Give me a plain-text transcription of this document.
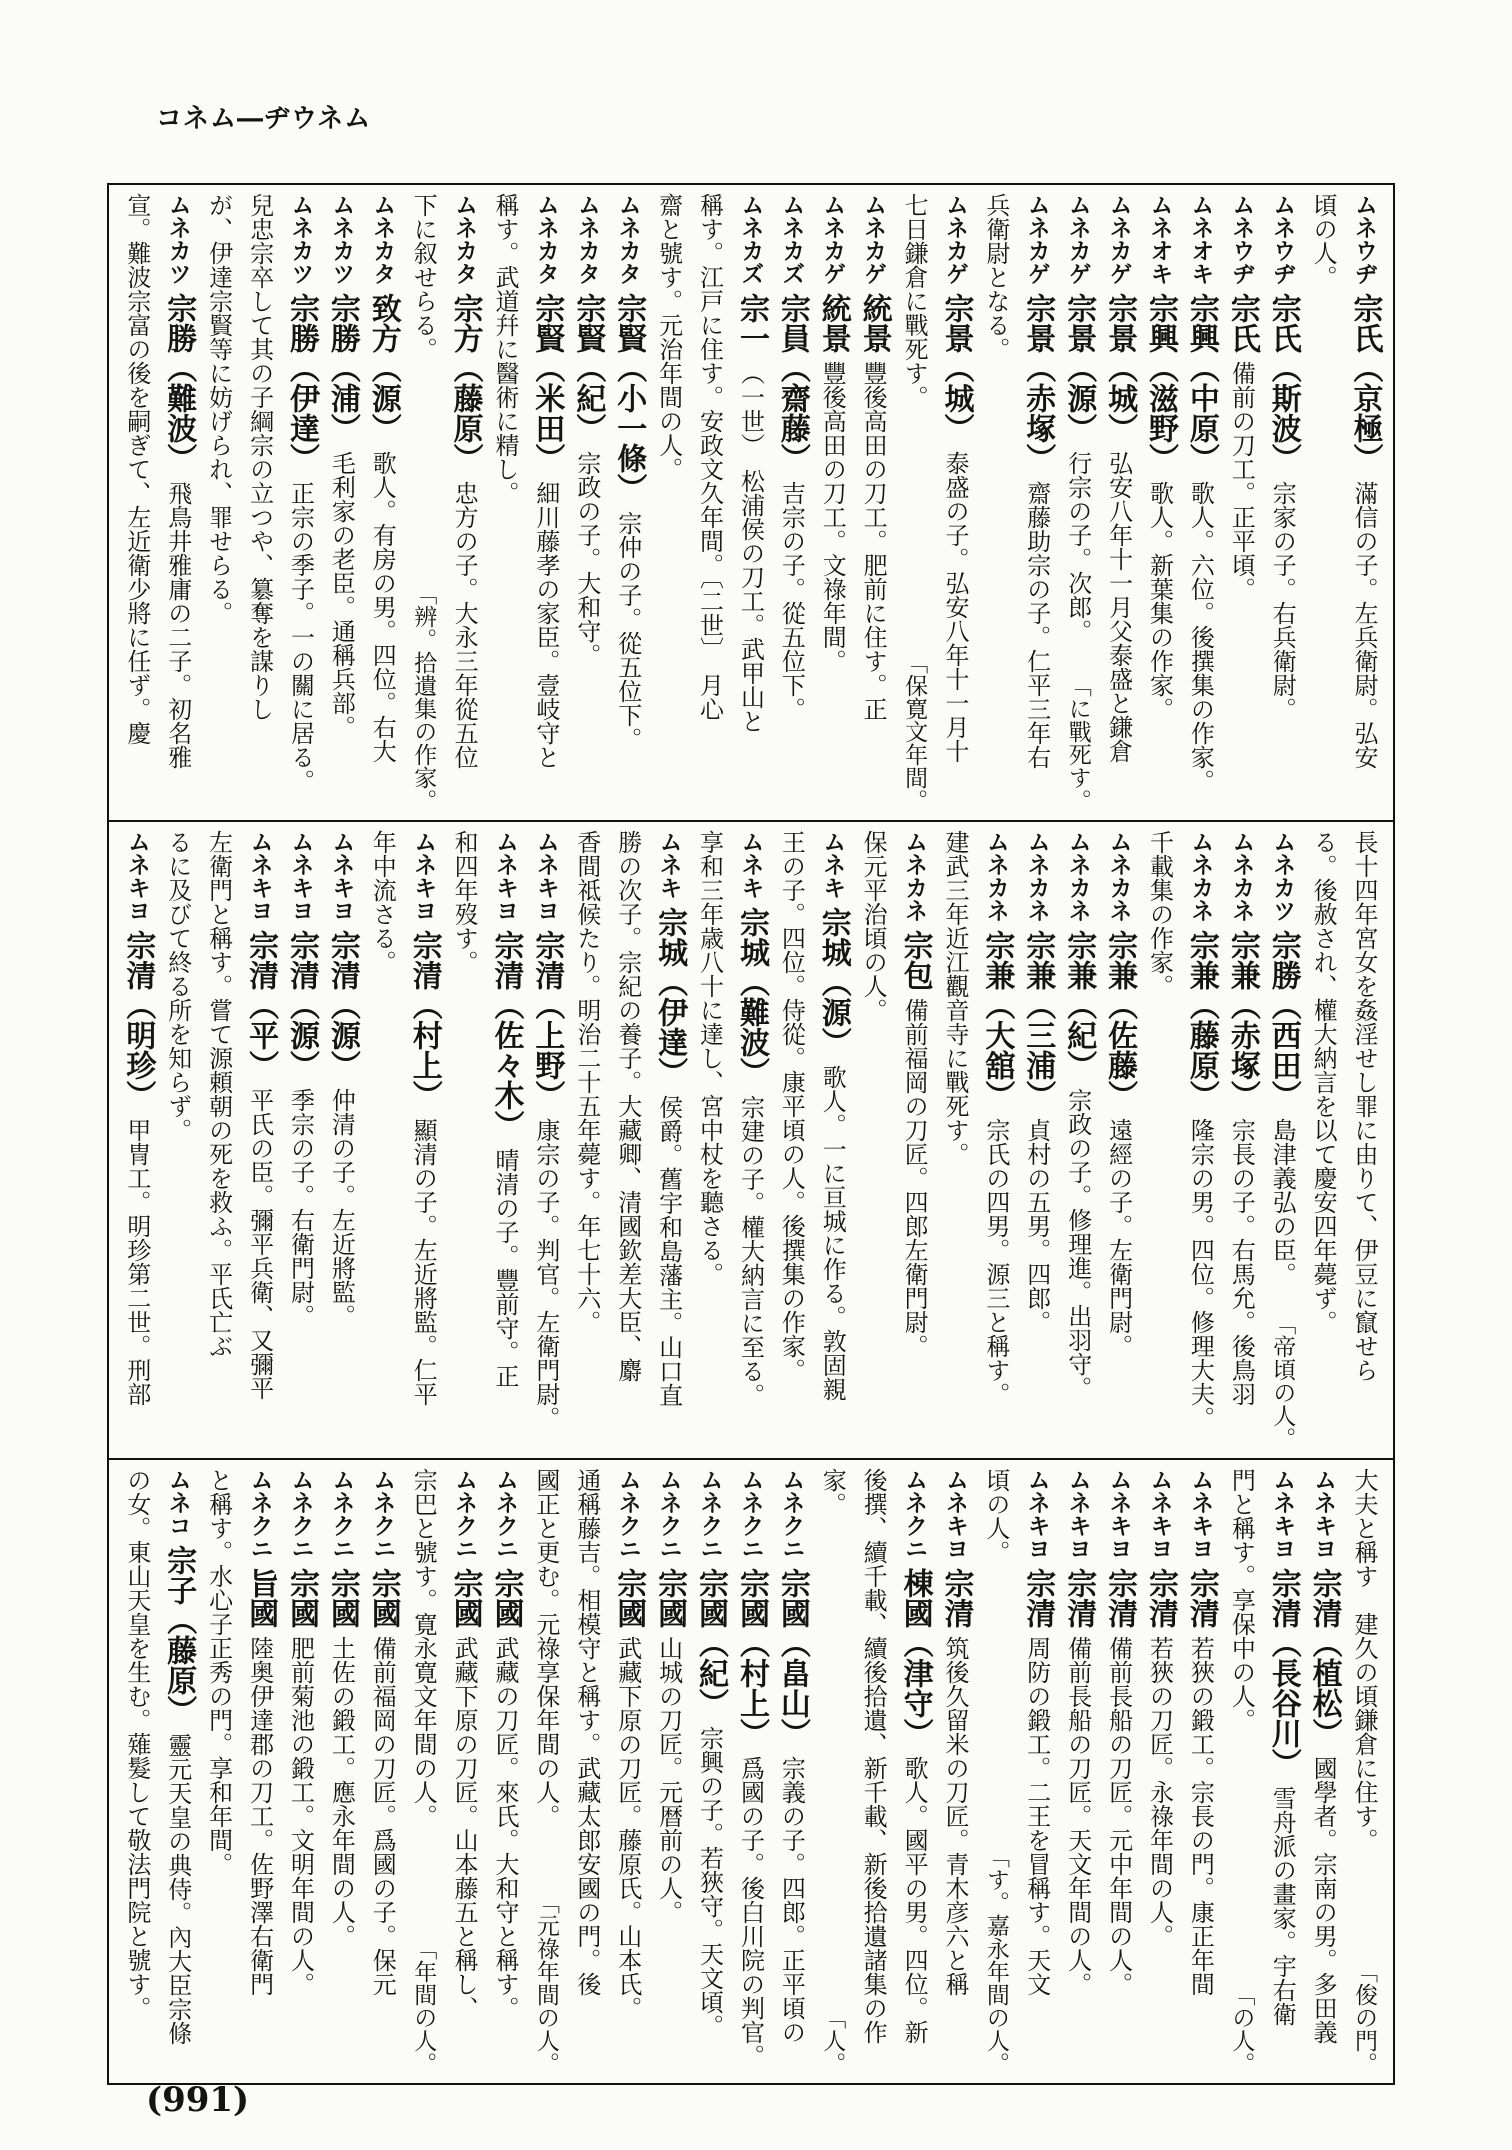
ムネウヂ―ムネコ
ムネウヂ
宗氏（京極）
滿信の子。左兵衛尉。弘安
頃の人。
ムネウヂ
宗氏（斯波）
宗家の子。右兵衛尉。
ムネウヂ
宗氏
備前の刀工。正平頃。
ムネオキ
宗興（中原）
歌人。六位。後撰集の作家。
ムネオキ
宗興（滋野）
歌人。新葉集の作家。
ムネカゲ
宗景（城）
弘安八年十一月父泰盛と鎌倉
ムネカゲ
宗景（源）
行宗の子。次郎。
「に戰死す。
ムネカゲ
宗景（赤塚）
齋藤助宗の子。仁平三年右
兵衛尉となる。
ムネカゲ
宗景（城）
泰盛の子。弘安八年十一月十
七日鎌倉に戰死す。
「保寛文年間。
ムネカゲ
統景
豐後高田の刀工。肥前に住す。正
ムネカゲ
統景
豐後高田の刀工。文祿年間。
ムネカズ
宗員（齋藤）
吉宗の子。從五位下。
ムネカズ
宗一
（一世）　松浦侯の刀工。武甲山と
稱す。江戸に住す。安政文久年間。〔二世〕　月心
齋と號す。元治年間の人。
ムネカタ
宗賢（小一條）
宗仲の子。從五位下。
ムネカタ
宗賢（紀）
宗政の子。大和守。
ムネカタ
宗賢（米田）
細川藤孝の家臣。壹岐守と
稱す。武道幷に醫術に精し。
ムネカタ
宗方（藤原）
忠方の子。大永三年從五位
下に叙せらる。
「辨。拾遺集の作家。
ムネカタ
致方（源）
歌人。有房の男。四位。右大
ムネカツ
宗勝（浦）
毛利家の老臣。通稱兵部。
ムネカツ
宗勝（伊達）
正宗の季子。一の關に居る。
兒忠宗卒して其の子綱宗の立つや、簒奪を謀りし
が、伊達宗賢等に妨げられ、罪せらる。
ムネカツ
宗勝（難波）
飛鳥井雅庸の二子。初名雅
宣。難波宗富の後を嗣ぎて、左近衛少將に任ず。慶
長十四年宮女を姦淫せし罪に由りて、伊豆に竄せら
る。後赦され、權大納言を以て慶安四年薨ず。
ムネカツ
宗勝（西田）
島津義弘の臣。
「帝頃の人。
ムネカネ
宗兼（赤塚）
宗長の子。右馬允。後鳥羽
ムネカネ
宗兼（藤原）
隆宗の男。四位。修理大夫。
千載集の作家。
ムネカネ
宗兼（佐藤）
遠經の子。左衛門尉。
ムネカネ
宗兼（紀）
宗政の子。修理進。出羽守。
ムネカネ
宗兼（三浦）
貞村の五男。四郎。
ムネカネ
宗兼（大舘）
宗氏の四男。源三と稱す。
建武三年近江觀音寺に戰死す。
ムネカネ
宗包
備前福岡の刀匠。四郎左衛門尉。
保元平治頃の人。
ムネキ
宗城（源）
歌人。一に亘城に作る。敦固親
王の子。四位。侍從。康平頃の人。後撰集の作家。
ムネキ
宗城（難波）
宗建の子。權大納言に至る。
享和三年歳八十に達し、宮中杖を聽さる。
ムネキ
宗城（伊達）
侯爵。舊宇和島藩主。山口直
勝の次子。宗紀の養子。大藏卿、清國欽差大臣、麝
香間祗候たり。明治二十五年薨す。年七十六。
ムネキヨ
宗清（上野）
康宗の子。判官。左衛門尉。
ムネキヨ
宗清（佐々木）
晴清の子。豐前守。正
和四年歿す。
ムネキヨ
宗清（村上）
顯清の子。左近將監。仁平
年中流さる。
ムネキヨ
宗清（源）
仲清の子。左近將監。
ムネキヨ
宗清（源）
季宗の子。右衛門尉。
ムネキヨ
宗清（平）
平氏の臣。彌平兵衛、又彌平
左衛門と稱す。嘗て源頼朝の死を救ふ。平氏亡ぶ
るに及びて終る所を知らず。
ムネキヨ
宗清（明珍）
甲冑工。明珍第二世。刑部
大夫と稱す　建久の頃鎌倉に住す。
「俊の門。
ムネキヨ
宗清（植松）
國學者。宗南の男。多田義
ムネキヨ
宗清（長谷川）
雪舟派の畫家。宇右衛
門と稱す。享保中の人。
「の人。
ムネキヨ
宗清
若狹の鍛工。宗長の門。康正年間
ムネキヨ
宗清
若狹の刀匠。永祿年間の人。
ムネキヨ
宗清
備前長船の刀匠。元中年間の人。
ムネキヨ
宗清
備前長船の刀匠。天文年間の人。
ムネキヨ
宗清
周防の鍛工。二王を冒稱す。天文
頃の人。
「す。嘉永年間の人。
ムネキヨ
宗清
筑後久留米の刀匠。青木彦六と稱
ムネクニ
棟國（津守）
歌人。國平の男。四位。新
後撰、續千載、續後拾遺、新千載、新後拾遺諸集の作
家。
「人。
ムネクニ
宗國（畠山）
宗義の子。四郎。正平頃の
ムネクニ
宗國（村上）
爲國の子。後白川院の判官。
ムネクニ
宗國（紀）
宗興の子。若狹守。天文頃。
ムネクニ
宗國
山城の刀匠。元暦前の人。
ムネクニ
宗國
武藏下原の刀匠。藤原氏。山本氏。
通稱藤吉。相模守と稱す。武藏太郎安國の門。後
國正と更む。元祿享保年間の人。
「元祿年間の人。
ムネクニ
宗國
武藏の刀匠。來氏。大和守と稱す。
ムネクニ
宗國
武藏下原の刀匠。山本藤五と稱し、
宗巴と號す。寛永寛文年間の人。
「年間の人。
ムネクニ
宗國
備前福岡の刀匠。爲國の子。保元
ムネクニ
宗國
土佐の鍛工。應永年間の人。
ムネクニ
宗國
肥前菊池の鍛工。文明年間の人。
ムネクニ
旨國
陸奥伊達郡の刀工。佐野澤右衛門
と稱す。水心子正秀の門。享和年間。
ムネコ
宗子（藤原）
靈元天皇の典侍。內大臣宗條
の女。東山天皇を生む。薙髮して敬法門院と號す。
(991)
